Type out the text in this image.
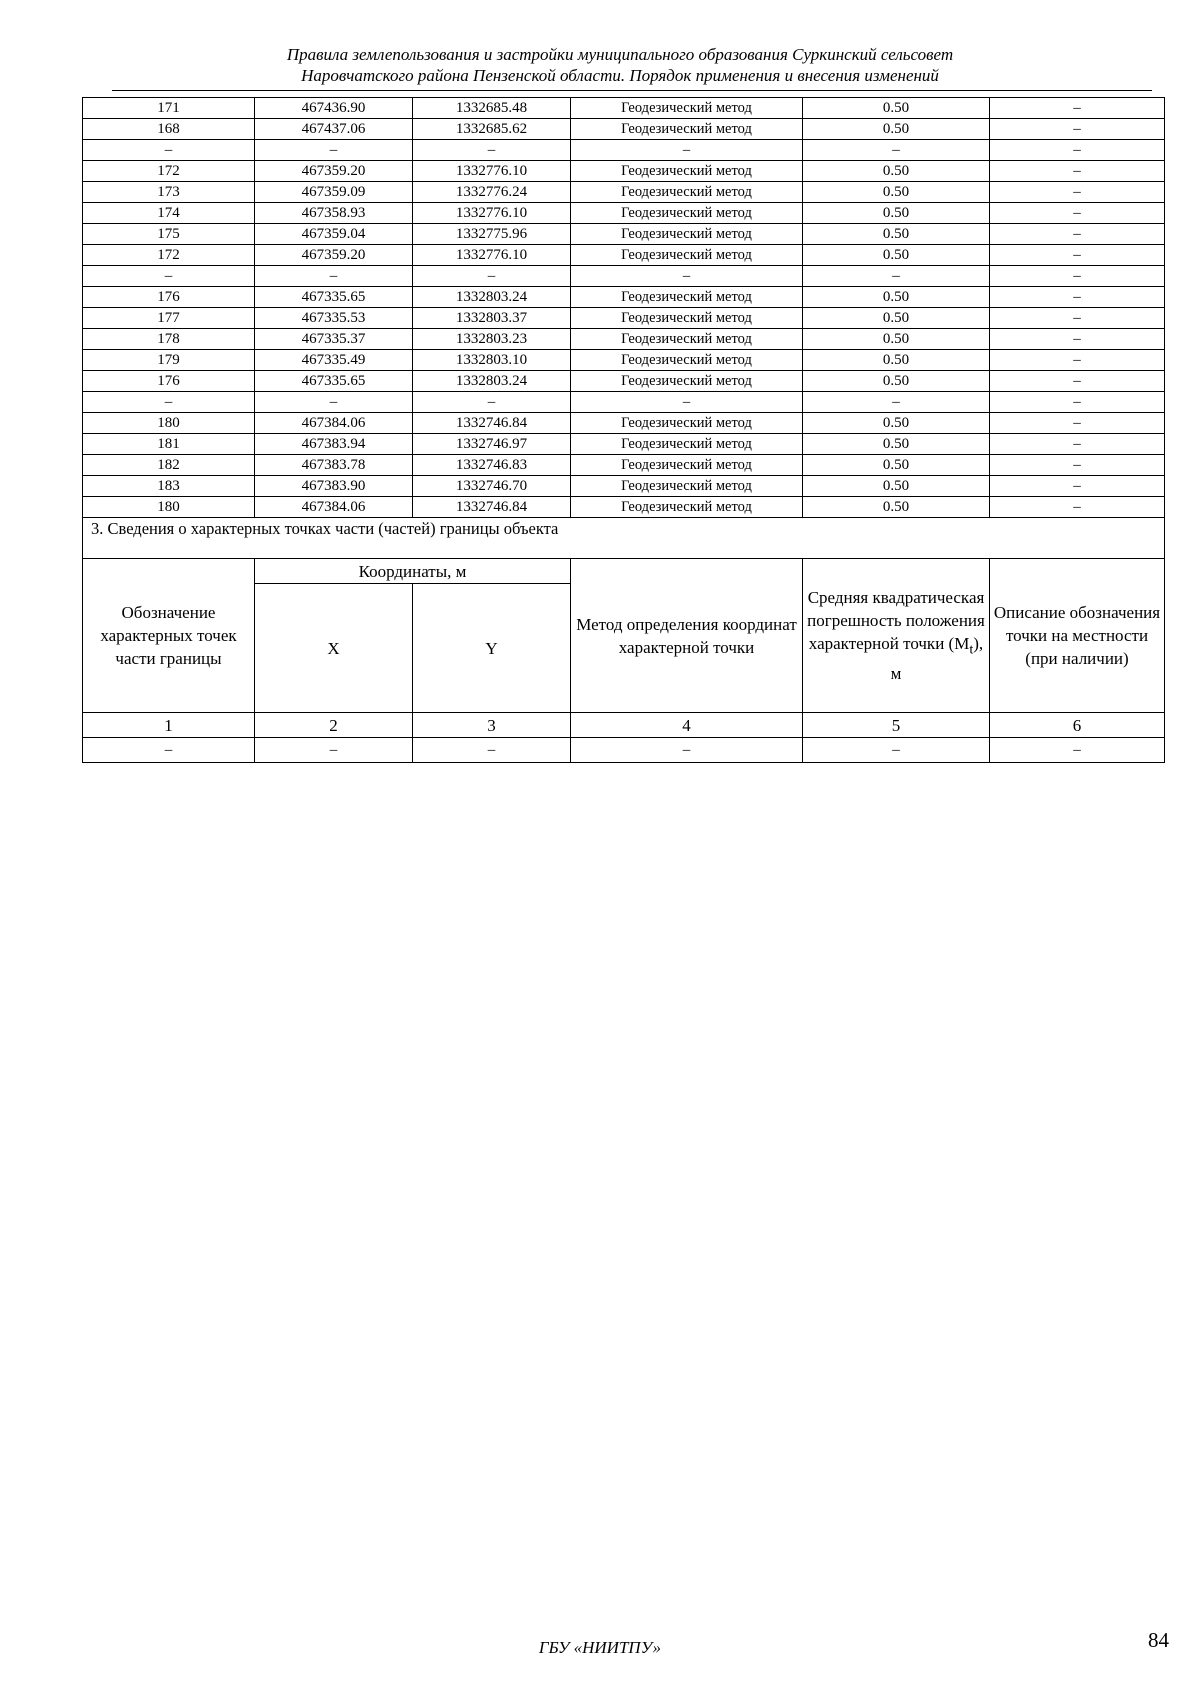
Правила землепользования и застройки муниципального образования Суркинский сельсовет
Наровчатского района Пензенской области. Порядок применения и внесения изменений
171	467436.90	1332685.48	Геодезический метод	0.50	–
168	467437.06	1332685.62	Геодезический метод	0.50	–
–	–	–	–	–	–
172	467359.20	1332776.10	Геодезический метод	0.50	–
173	467359.09	1332776.24	Геодезический метод	0.50	–
174	467358.93	1332776.10	Геодезический метод	0.50	–
175	467359.04	1332775.96	Геодезический метод	0.50	–
172	467359.20	1332776.10	Геодезический метод	0.50	–
–	–	–	–	–	–
176	467335.65	1332803.24	Геодезический метод	0.50	–
177	467335.53	1332803.37	Геодезический метод	0.50	–
178	467335.37	1332803.23	Геодезический метод	0.50	–
179	467335.49	1332803.10	Геодезический метод	0.50	–
176	467335.65	1332803.24	Геодезический метод	0.50	–
–	–	–	–	–	–
180	467384.06	1332746.84	Геодезический метод	0.50	–
181	467383.94	1332746.97	Геодезический метод	0.50	–
182	467383.78	1332746.83	Геодезический метод	0.50	–
183	467383.90	1332746.70	Геодезический метод	0.50	–
180	467384.06	1332746.84	Геодезический метод	0.50	–
3. Сведения о характерных точках части (частей) границы объекта					
Обозначение характерных точек части границы	Координаты, м		Метод определения координат характерной точки	Средняя квадратическая погрешность положения характерной точки $(M_t)$, м	Описание обозначения точки на местности (при наличии)
	X	Y			
1	2	3	4	5	6
–	–	–	–	–	–
ГБУ «НИИТПУ»	84
